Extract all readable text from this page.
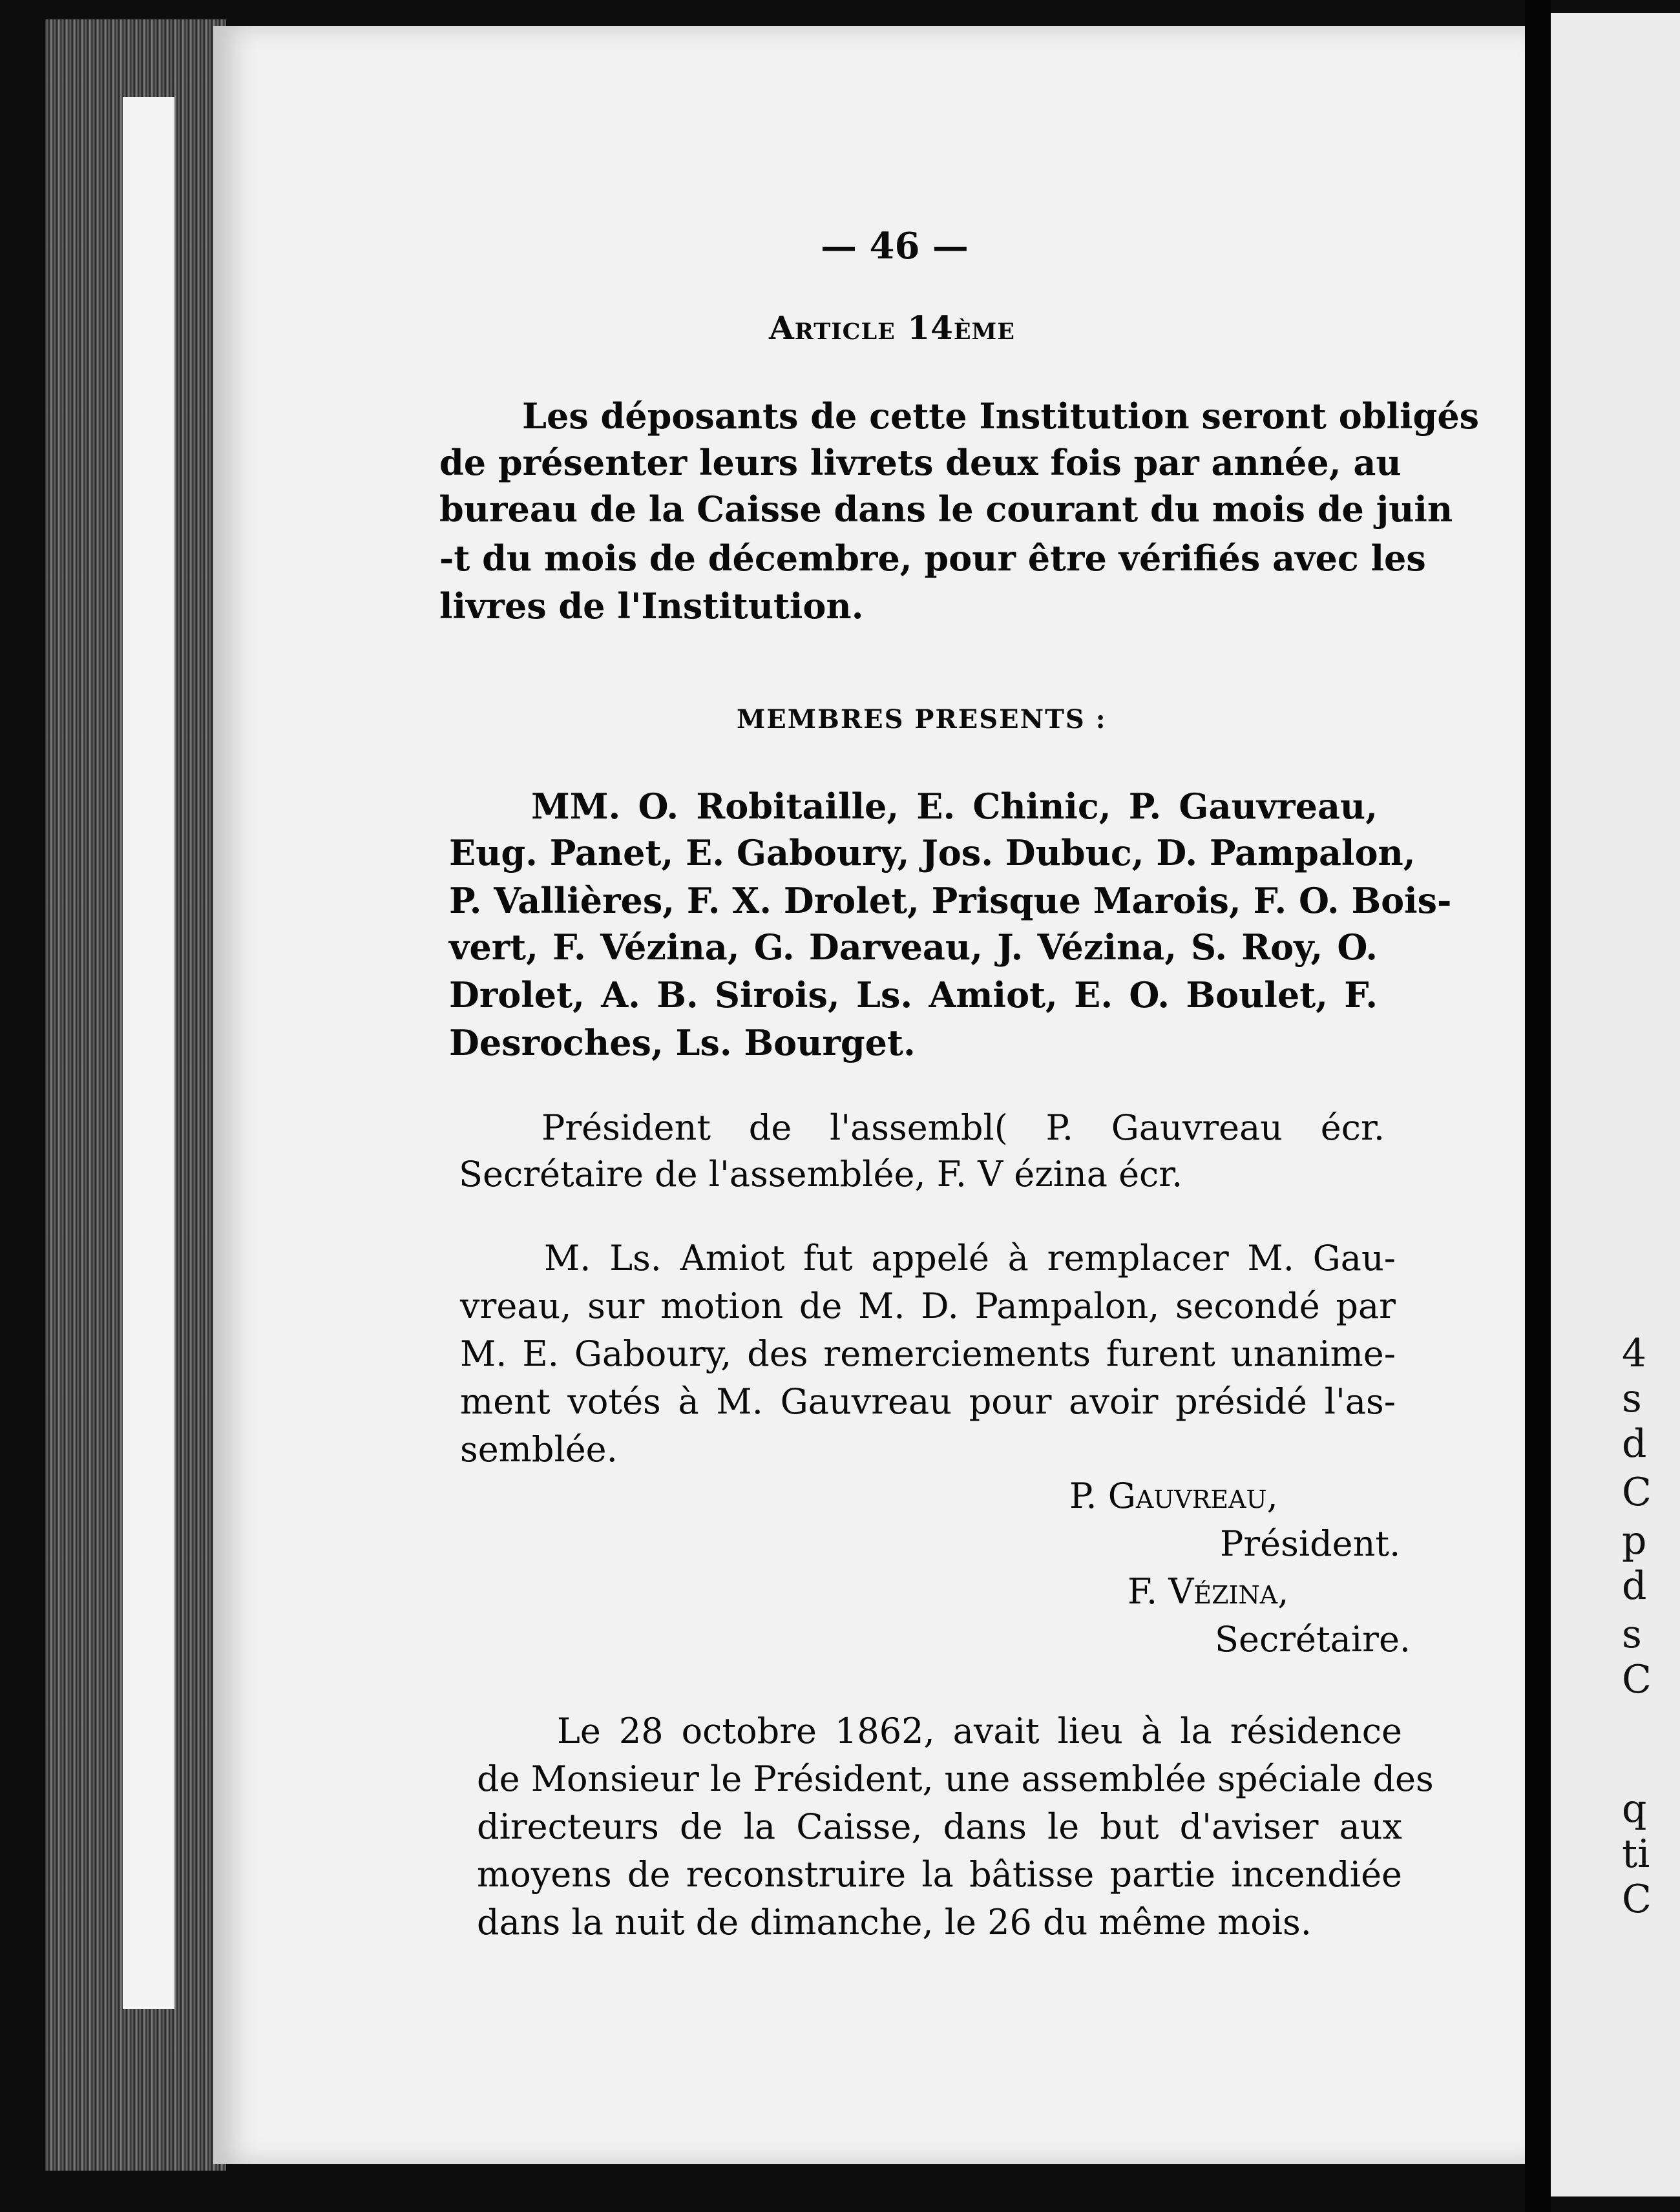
4
s
d
C
p
d
s
C
q
ti
C
— 46 —
Article 14ème
Les déposants de cette Institution seront obligés
de présenter leurs livrets deux fois par année, au
bureau de la Caisse dans le courant du mois de juin
-t du mois de décembre, pour être vérifiés avec les
livres de l'Institution.
MEMBRES PRESENTS :
MM. O. Robitaille, E. Chinic, P. Gauvreau,
Eug. Panet, E. Gaboury, Jos. Dubuc, D. Pampalon,
P. Vallières, F. X. Drolet, Prisque Marois, F. O. Bois-
vert, F. Vézina, G. Darveau, J. Vézina, S. Roy, O.
Drolet, A. B. Sirois, Ls. Amiot, E. O. Boulet, F.
Desroches, Ls. Bourget.
Président de l'assembl( P. Gauvreau écr.
Secrétaire de l'assemblée, F. V ézina écr.
M. Ls. Amiot fut appelé à remplacer M. Gau-
vreau, sur motion de M. D. Pampalon, secondé par
M. E. Gaboury, des remerciements furent unanime-
ment votés à M. Gauvreau pour avoir présidé l'as-
semblée.
P. Gauvreau,
Président.
F. Vézina,
Secrétaire.
Le 28 octobre 1862, avait lieu à la résidence
de Monsieur le Président, une assemblée spéciale des
directeurs de la Caisse, dans le but d'aviser aux
moyens de reconstruire la bâtisse partie incendiée
dans la nuit de dimanche, le 26 du même mois.
